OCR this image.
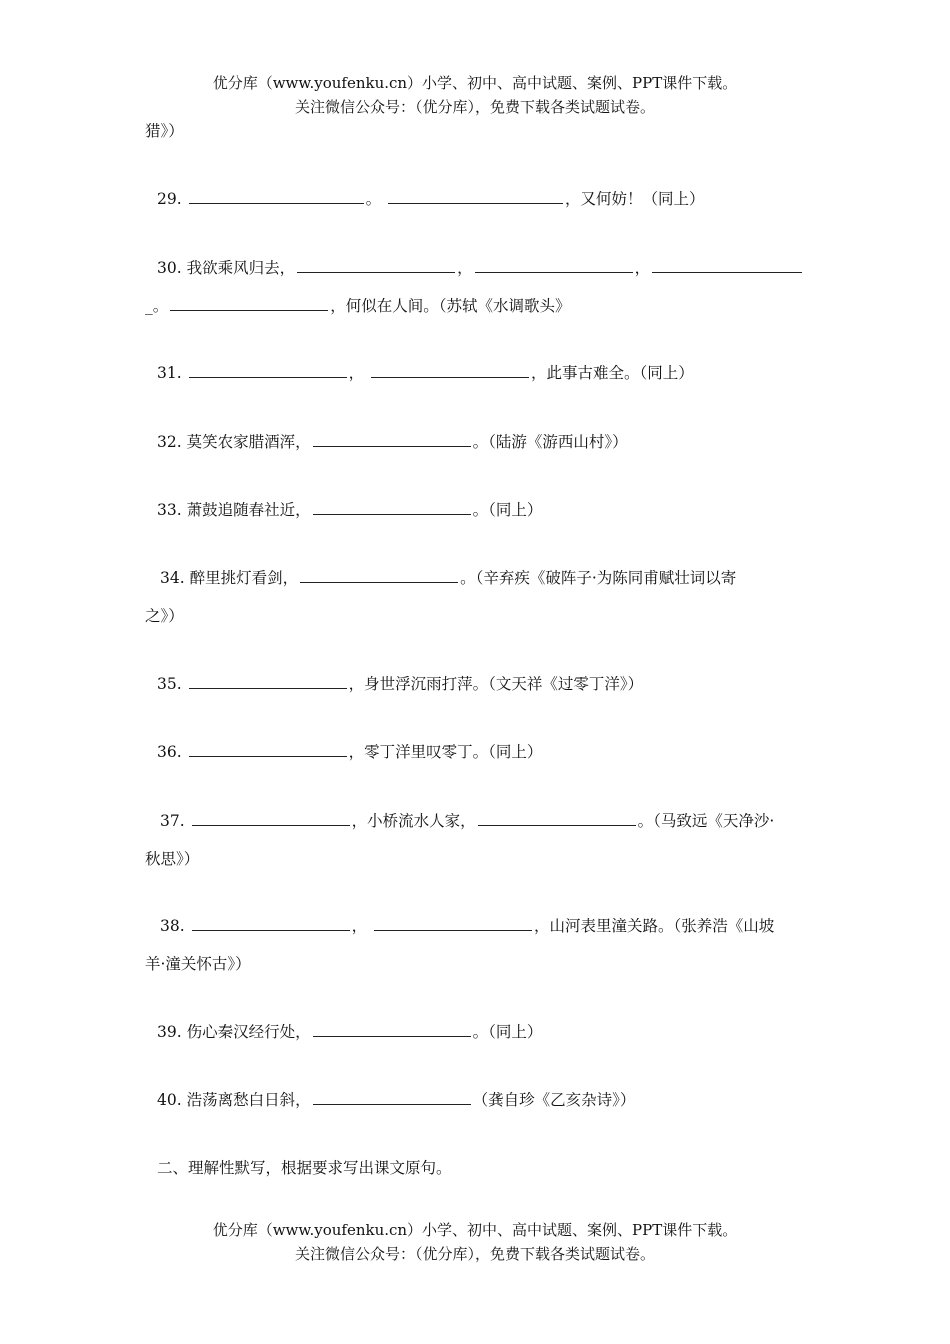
优分库（www.youfenku.cn）小学、初中、高中试题、案例、PPT课件下载。
关注微信公众号：（优分库），免费下载各类试题试卷。
猎》）
29.	。	，又何妨！（同上）
30. 我欲乘风归去，	，	，
_。	，何似在人间。（苏轼《水调歌头》
31.	，	，此事古难全。（同上）
32. 莫笑农家腊酒浑，	。（陆游《游西山村》）
33. 萧鼓追随春社近，	。（同上）
34. 醉里挑灯看剑，	。（辛弃疾《破阵子·为陈同甫赋壮词以寄
之》）
35.	，身世浮沉雨打萍。（文天祥《过零丁洋》）
36.	，零丁洋里叹零丁。（同上）
37.	，小桥流水人家，	。（马致远《天净沙·
秋思》）
38.	，	，山河表里潼关路。（张养浩《山坡
羊·潼关怀古》）
39. 伤心秦汉经行处，	。（同上）
40. 浩荡离愁白日斜，	（龚自珍《乙亥杂诗》）
二、理解性默写，根据要求写出课文原句。
优分库（www.youfenku.cn）小学、初中、高中试题、案例、PPT课件下载。
关注微信公众号：（优分库），免费下载各类试题试卷。
